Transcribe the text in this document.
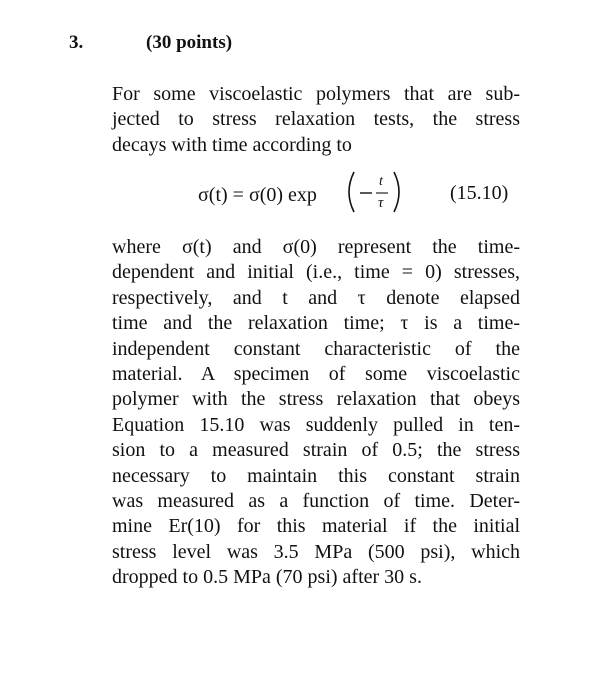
3.	(30 points)
For some viscoelastic polymers that are sub-
jected to stress relaxation tests, the stress
decays with time according to
σ(t) = σ(0) exp
t
τ	(15.10)
where σ(t) and σ(0) represent the time-
dependent and initial (i.e., time = 0) stresses,
respectively, and t and τ denote elapsed
time and the relaxation time; τ is a time-
independent constant characteristic of the
material. A specimen of some viscoelastic
polymer with the stress relaxation that obeys
Equation 15.10 was suddenly pulled in ten-
sion to a measured strain of 0.5; the stress
necessary to maintain this constant strain
was measured as a function of time. Deter-
mine Er(10) for this material if the initial
stress level was 3.5 MPa (500 psi), which
dropped to 0.5 MPa (70 psi) after 30 s.
